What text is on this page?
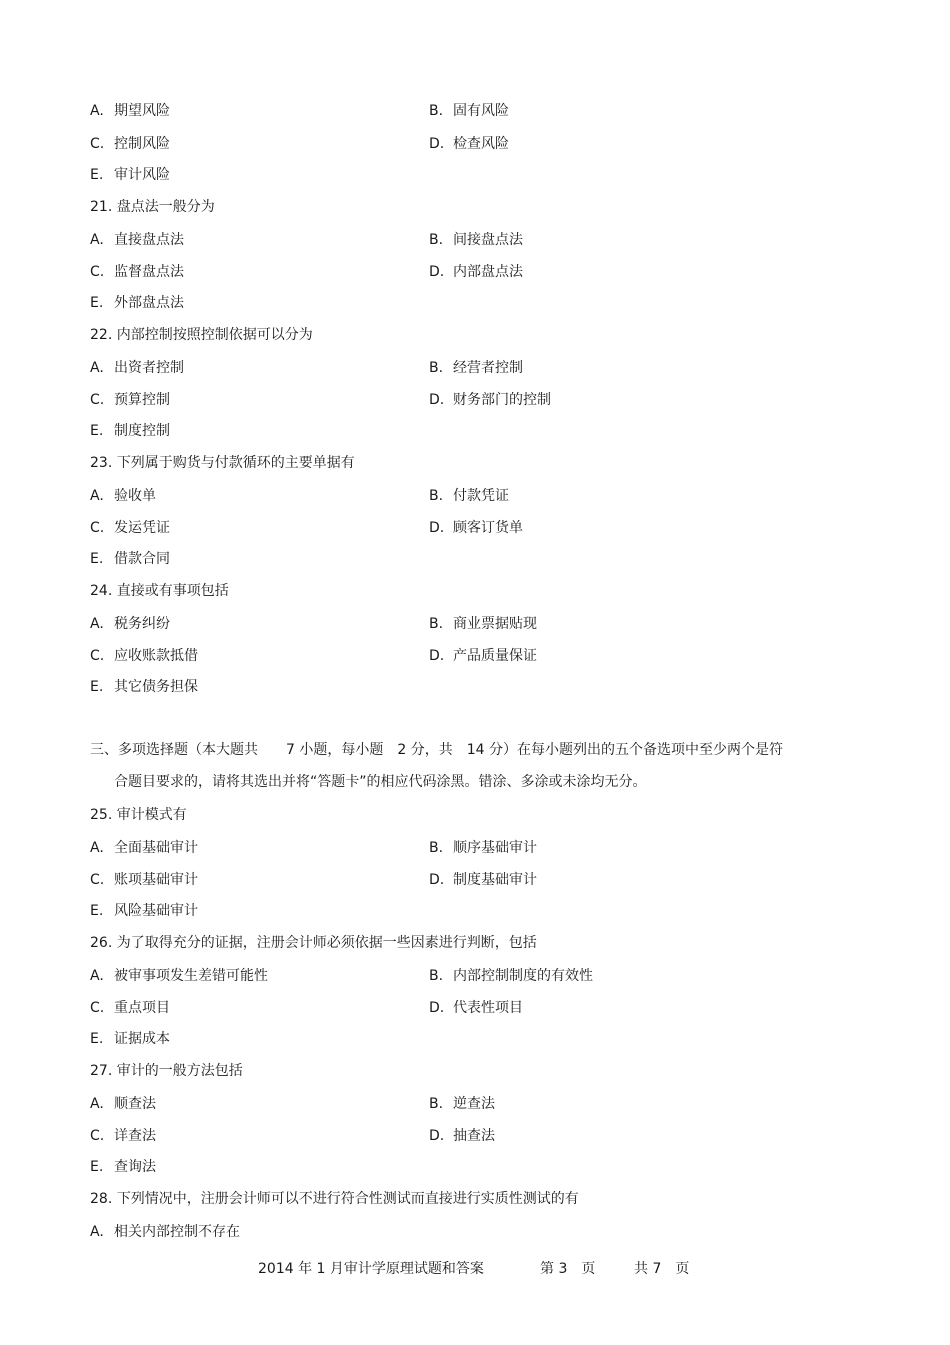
A. 期望风险	B. 固有风险
C. 控制风险	D. 检查风险
E. 审计风险
21. 盘点法一般分为
A. 直接盘点法	B. 间接盘点法
C. 监督盘点法	D. 内部盘点法
E. 外部盘点法
22. 内部控制按照控制依据可以分为
A. 出资者控制	B. 经营者控制
C. 预算控制	D. 财务部门的控制
E. 制度控制
23. 下列属于购货与付款循环的主要单据有
A. 验收单	B. 付款凭证
C. 发运凭证	D. 顾客订货单
E. 借款合同
24. 直接或有事项包括
A. 税务纠纷	B. 商业票据贴现
C. 应收账款抵借	D. 产品质量保证
E. 其它债务担保
三、多项选择题（本大题共　　7 小题，每小题　2 分，共　14 分）在每小题列出的五个备选项中至少两个是符
合题目要求的，请将其选出并将“答题卡”的相应代码涂黑。错涂、多涂或未涂均无分。
25. 审计模式有
A. 全面基础审计	B. 顺序基础审计
C. 账项基础审计	D. 制度基础审计
E. 风险基础审计
26. 为了取得充分的证据，注册会计师必须依据一些因素进行判断，包括
A. 被审事项发生差错可能性	B. 内部控制制度的有效性
C. 重点项目	D. 代表性项目
E. 证据成本
27. 审计的一般方法包括
A. 顺查法	B. 逆查法
C. 详查法	D. 抽查法
E. 查询法
28. 下列情况中，注册会计师可以不进行符合性测试而直接进行实质性测试的有
A. 相关内部控制不存在
2014 年 1 月审计学原理试题和答案	第 3　页	共 7　页
